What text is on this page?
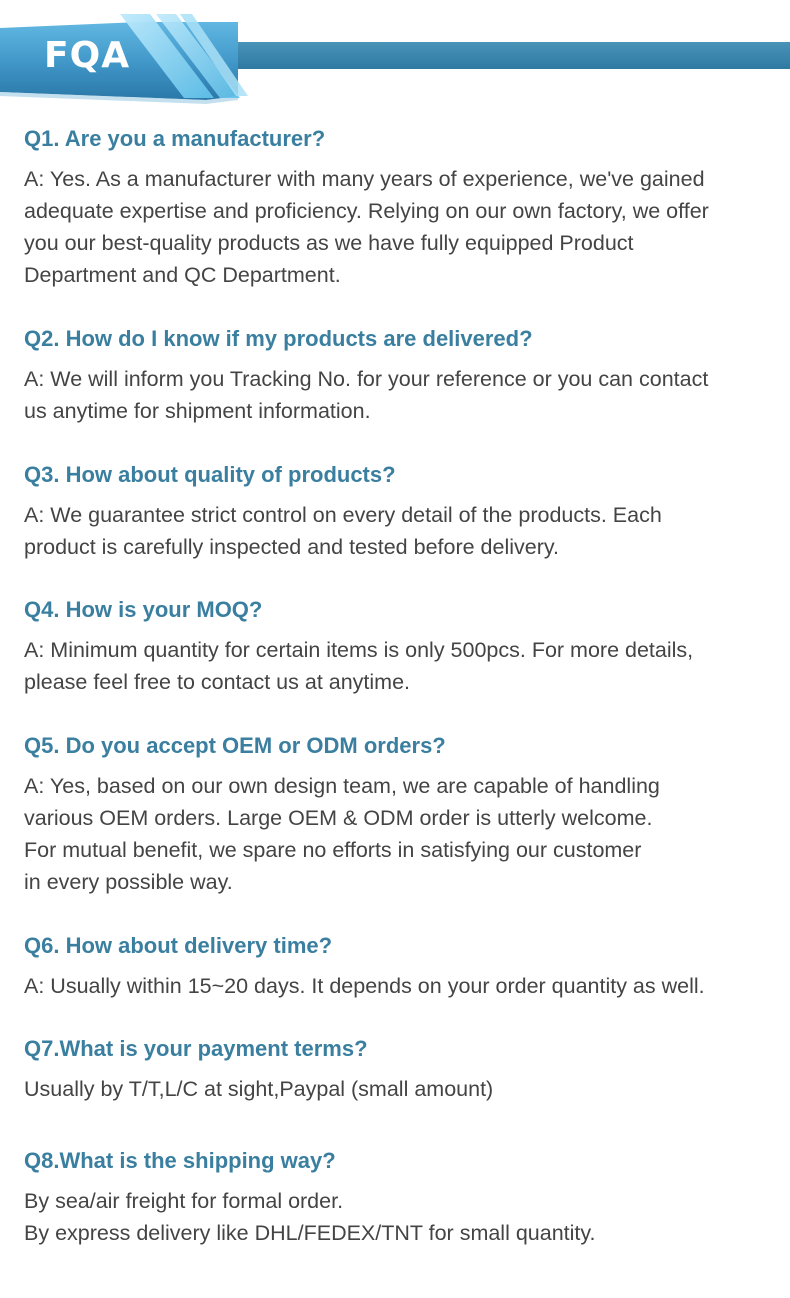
FQA
Q1. Are you a manufacturer?
A: Yes. As a manufacturer with many years of experience, we've gained
adequate expertise and proficiency. Relying on our own factory, we offer
you our best-quality products as we have fully equipped Product
Department and QC Department.
Q2. How do I know if my products are delivered?
A: We will inform you Tracking No. for your reference or you can contact
us anytime for shipment information.
Q3. How about quality of products?
A: We guarantee strict control on every detail of the products. Each
product is carefully inspected and tested before delivery.
Q4. How is your MOQ?
A: Minimum quantity for certain items is only 500pcs. For more details,
please feel free to contact us at anytime.
Q5. Do you accept OEM or ODM orders?
A: Yes, based on our own design team, we are capable of handling
various OEM orders. Large OEM & ODM order is utterly welcome.
For mutual benefit, we spare no efforts in satisfying our customer
in every possible way.
Q6. How about delivery time?
A: Usually within 15~20 days. It depends on your order quantity as well.
Q7.What is your payment terms?
Usually by T/T,L/C at sight,Paypal (small amount)
Q8.What is the shipping way?
By sea/air freight for formal order.
By express delivery like DHL/FEDEX/TNT for small quantity.
